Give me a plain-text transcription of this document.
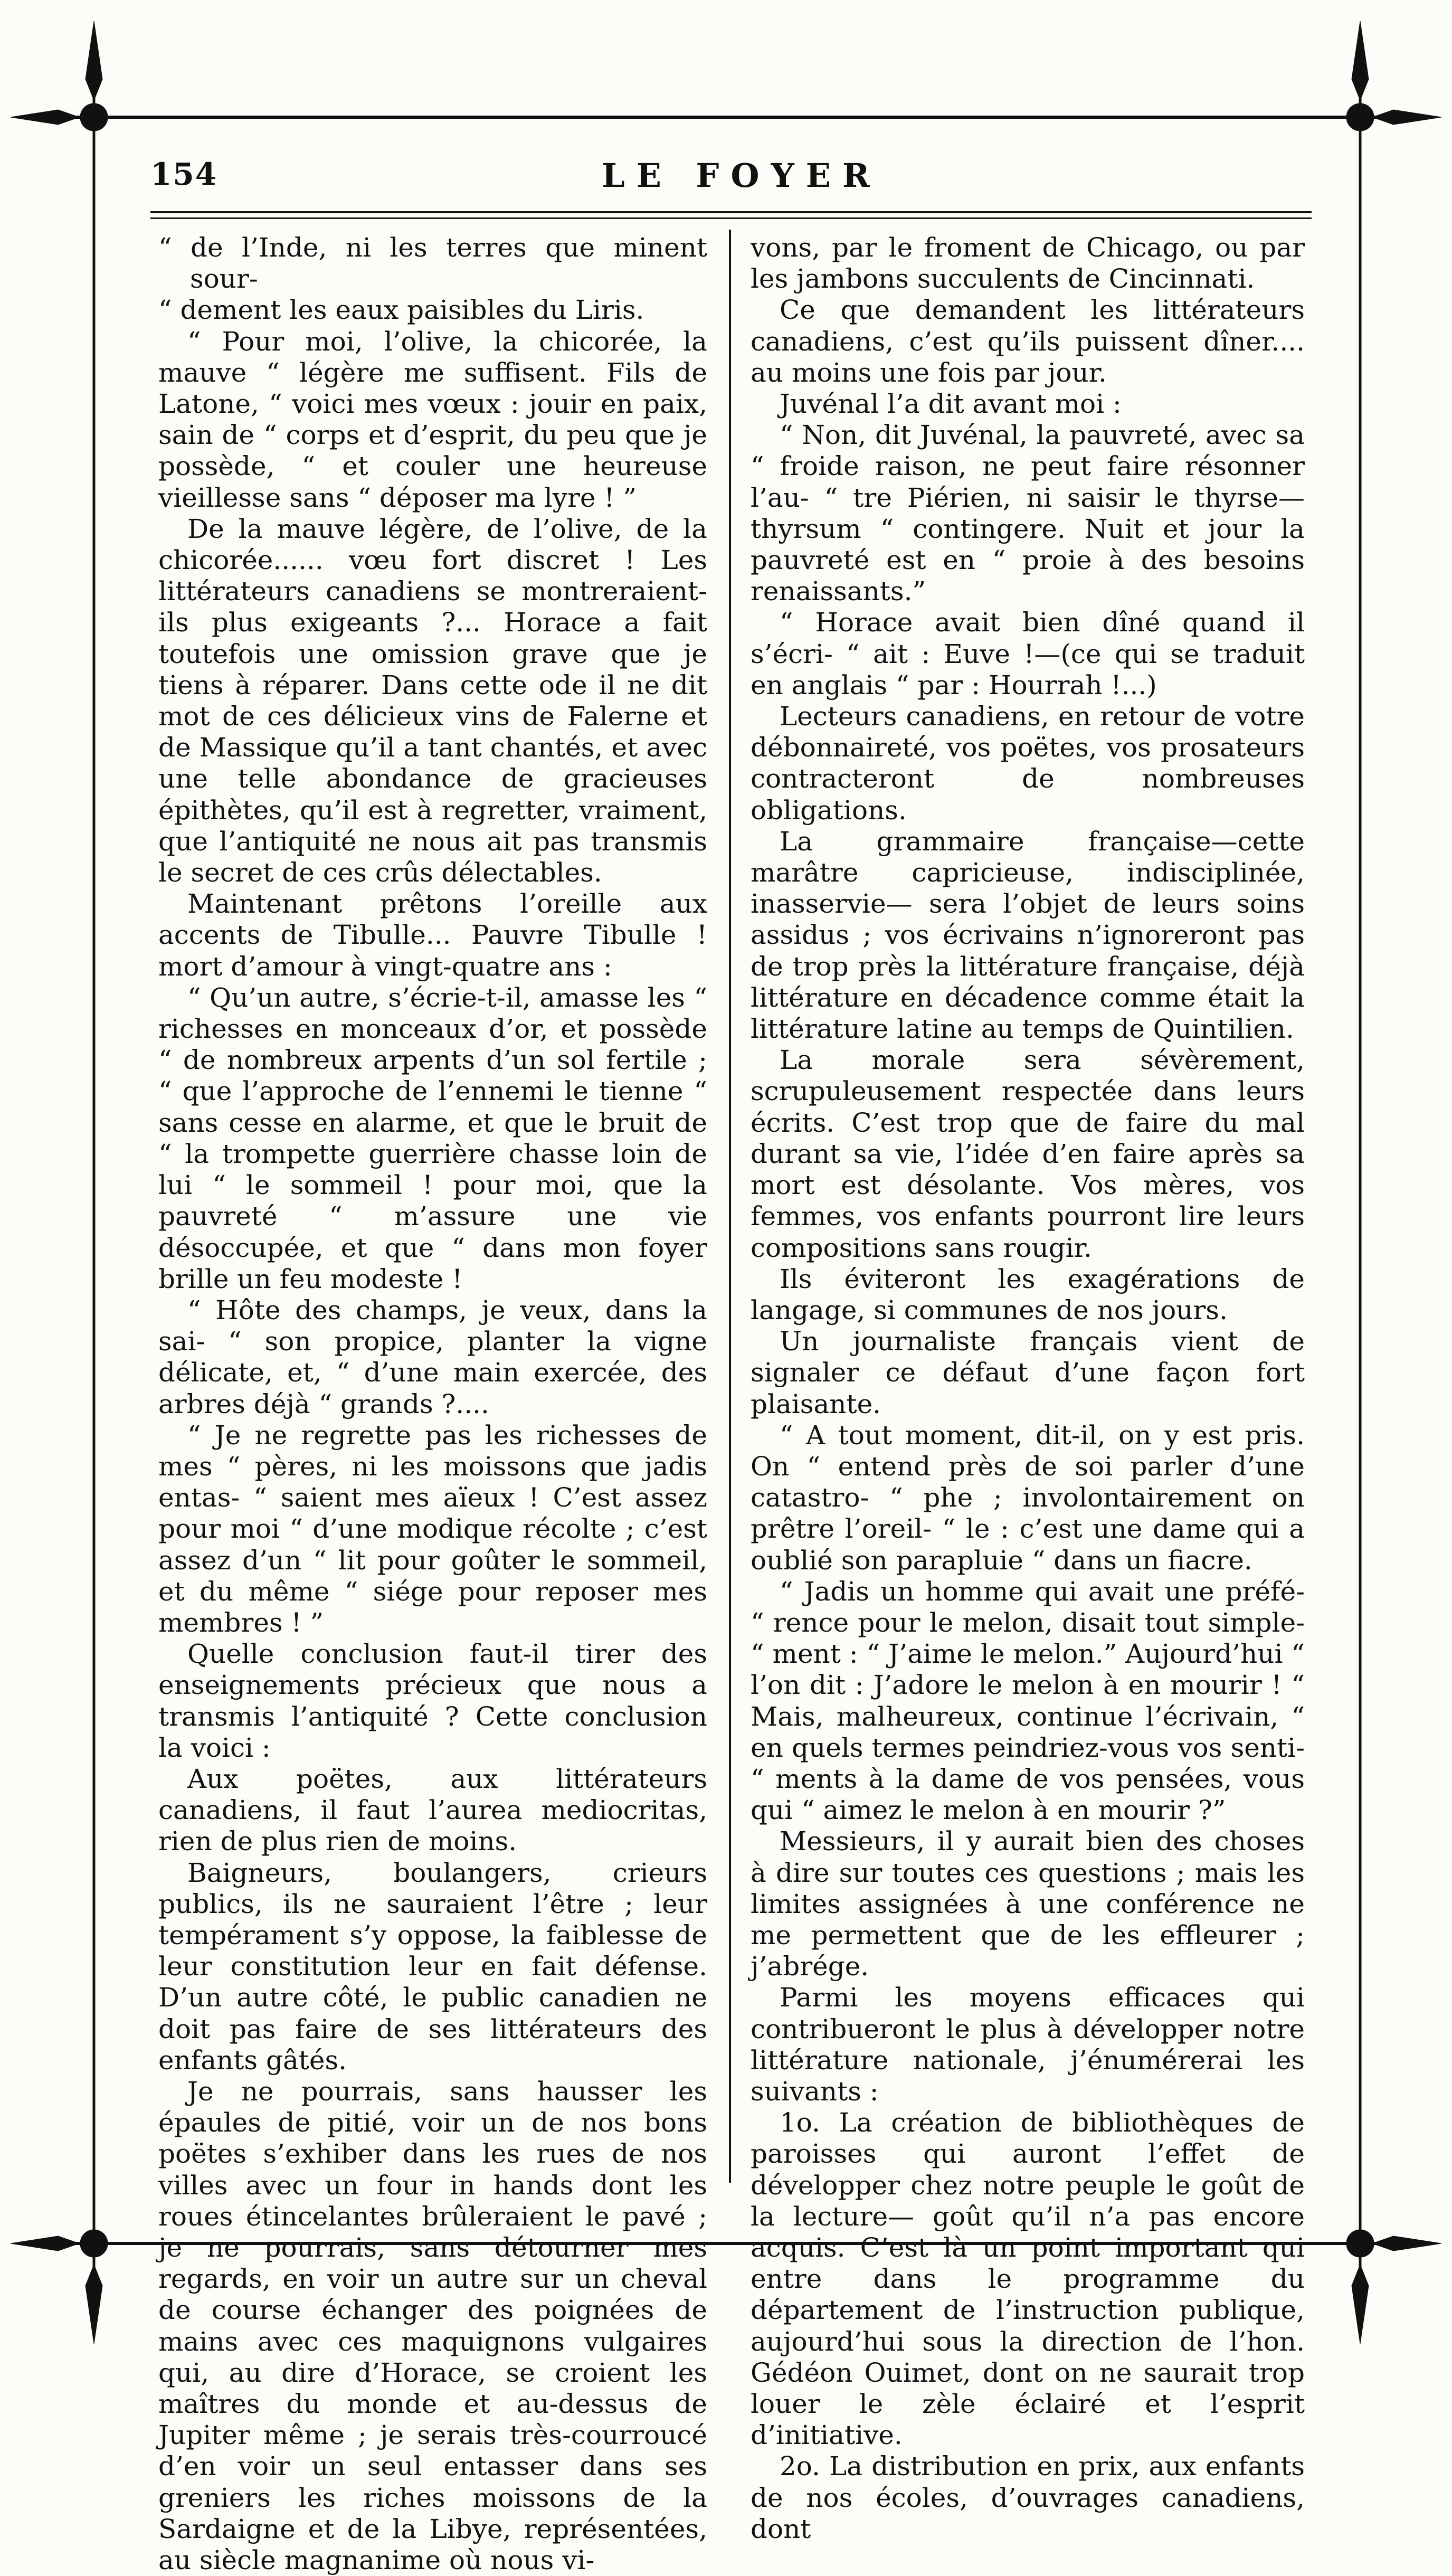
154	LE FOYER

“ de l’Inde, ni les terres que minent sour-

“ dement les eaux paisibles du Liris.

“ Pour moi, l’olive, la chicorée, la mauve “ légère me suffisent. Fils de Latone, “ voici mes vœux : jouir en paix, sain de “ corps et d’esprit, du peu que je possède, “ et couler une heureuse vieillesse sans “ déposer ma lyre ! ”

De la mauve légère, de l’olive, de la chicorée...... vœu fort discret ! Les littérateurs canadiens se montreraient-ils plus exigeants ?... Horace a fait toutefois une omission grave que je tiens à réparer. Dans cette ode il ne dit mot de ces délicieux vins de Falerne et de Massique qu’il a tant chantés, et avec une telle abondance de gracieuses épithètes, qu’il est à regretter, vraiment, que l’antiquité ne nous ait pas transmis le secret de ces crûs délectables.

Maintenant prêtons l’oreille aux accents de Tibulle... Pauvre Tibulle ! mort d’amour à vingt-quatre ans :

“ Qu’un autre, s’écrie-t-il, amasse les “ richesses en monceaux d’or, et possède “ de nombreux arpents d’un sol fertile ; “ que l’approche de l’ennemi le tienne “ sans cesse en alarme, et que le bruit de “ la trompette guerrière chasse loin de lui “ le sommeil ! pour moi, que la pauvreté “ m’assure une vie désoccupée, et que “ dans mon foyer brille un feu modeste !

“ Hôte des champs, je veux, dans la sai- “ son propice, planter la vigne délicate, et, “ d’une main exercée, des arbres déjà “ grands ?....

“ Je ne regrette pas les richesses de mes “ pères, ni les moissons que jadis entas- “ saient mes aïeux ! C’est assez pour moi “ d’une modique récolte ; c’est assez d’un “ lit pour goûter le sommeil, et du même “ siége pour reposer mes membres ! ”

Quelle conclusion faut-il tirer des enseignements précieux que nous a transmis l’antiquité ? Cette conclusion la voici :

Aux poëtes, aux littérateurs canadiens, il faut l’aurea mediocritas, rien de plus rien de moins.

Baigneurs, boulangers, crieurs publics, ils ne sauraient l’être ; leur tempérament s’y oppose, la faiblesse de leur constitution leur en fait défense. D’un autre côté, le public canadien ne doit pas faire de ses littérateurs des enfants gâtés.

Je ne pourrais, sans hausser les épaules de pitié, voir un de nos bons poëtes s’exhiber dans les rues de nos villes avec un four in hands dont les roues étincelantes brûleraient le pavé ; je ne pourrais, sans détourner mes regards, en voir un autre sur un cheval de course échanger des poignées de mains avec ces maquignons vulgaires qui, au dire d’Horace, se croient les maîtres du monde et au-dessus de Jupiter même ; je serais très-courroucé d’en voir un seul entasser dans ses greniers les riches moissons de la Sardaigne et de la Libye, représentées, au siècle magnanime où nous vi-

vons, par le froment de Chicago, ou par les jambons succulents de Cincinnati.

Ce que demandent les littérateurs canadiens, c’est qu’ils puissent dîner.... au moins une fois par jour.

Juvénal l’a dit avant moi :

“ Non, dit Juvénal, la pauvreté, avec sa “ froide raison, ne peut faire résonner l’au- “ tre Piérien, ni saisir le thyrse—thyrsum “ contingere. Nuit et jour la pauvreté est en “ proie à des besoins renaissants.”

“ Horace avait bien dîné quand il s’écri- “ ait : Euve !—(ce qui se traduit en anglais “ par : Hourrah !...)

Lecteurs canadiens, en retour de votre débonnaireté, vos poëtes, vos prosateurs contracteront de nombreuses obligations.

La grammaire française—cette marâtre capricieuse, indisciplinée, inasservie— sera l’objet de leurs soins assidus ; vos écrivains n’ignoreront pas de trop près la littérature française, déjà littérature en décadence comme était la littérature latine au temps de Quintilien.

La morale sera sévèrement, scrupuleusement respectée dans leurs écrits. C’est trop que de faire du mal durant sa vie, l’idée d’en faire après sa mort est désolante. Vos mères, vos femmes, vos enfants pourront lire leurs compositions sans rougir.

Ils éviteront les exagérations de langage, si communes de nos jours.

Un journaliste français vient de signaler ce défaut d’une façon fort plaisante.

“ A tout moment, dit-il, on y est pris. On “ entend près de soi parler d’une catastro- “ phe ; involontairement on prêtre l’oreil- “ le : c’est une dame qui a oublié son parapluie “ dans un fiacre.

“ Jadis un homme qui avait une préfé- “ rence pour le melon, disait tout simple- “ ment : “ J’aime le melon.” Aujourd’hui “ l’on dit : J’adore le melon à en mourir ! “ Mais, malheureux, continue l’écrivain, “ en quels termes peindriez-vous vos senti- “ ments à la dame de vos pensées, vous qui “ aimez le melon à en mourir ?”

Messieurs, il y aurait bien des choses à dire sur toutes ces questions ; mais les limites assignées à une conférence ne me permettent que de les effleurer ; j’abrége.

Parmi les moyens efficaces qui contribueront le plus à développer notre littérature nationale, j’énumérerai les suivants :

1o. La création de bibliothèques de paroisses qui auront l’effet de développer chez notre peuple le goût de la lecture— goût qu’il n’a pas encore acquis. C’est là un point important qui entre dans le programme du département de l’instruction publique, aujourd’hui sous la direction de l’hon. Gédéon Ouimet, dont on ne saurait trop louer le zèle éclairé et l’esprit d’initiative.

2o. La distribution en prix, aux enfants de nos écoles, d’ouvrages canadiens, dont
